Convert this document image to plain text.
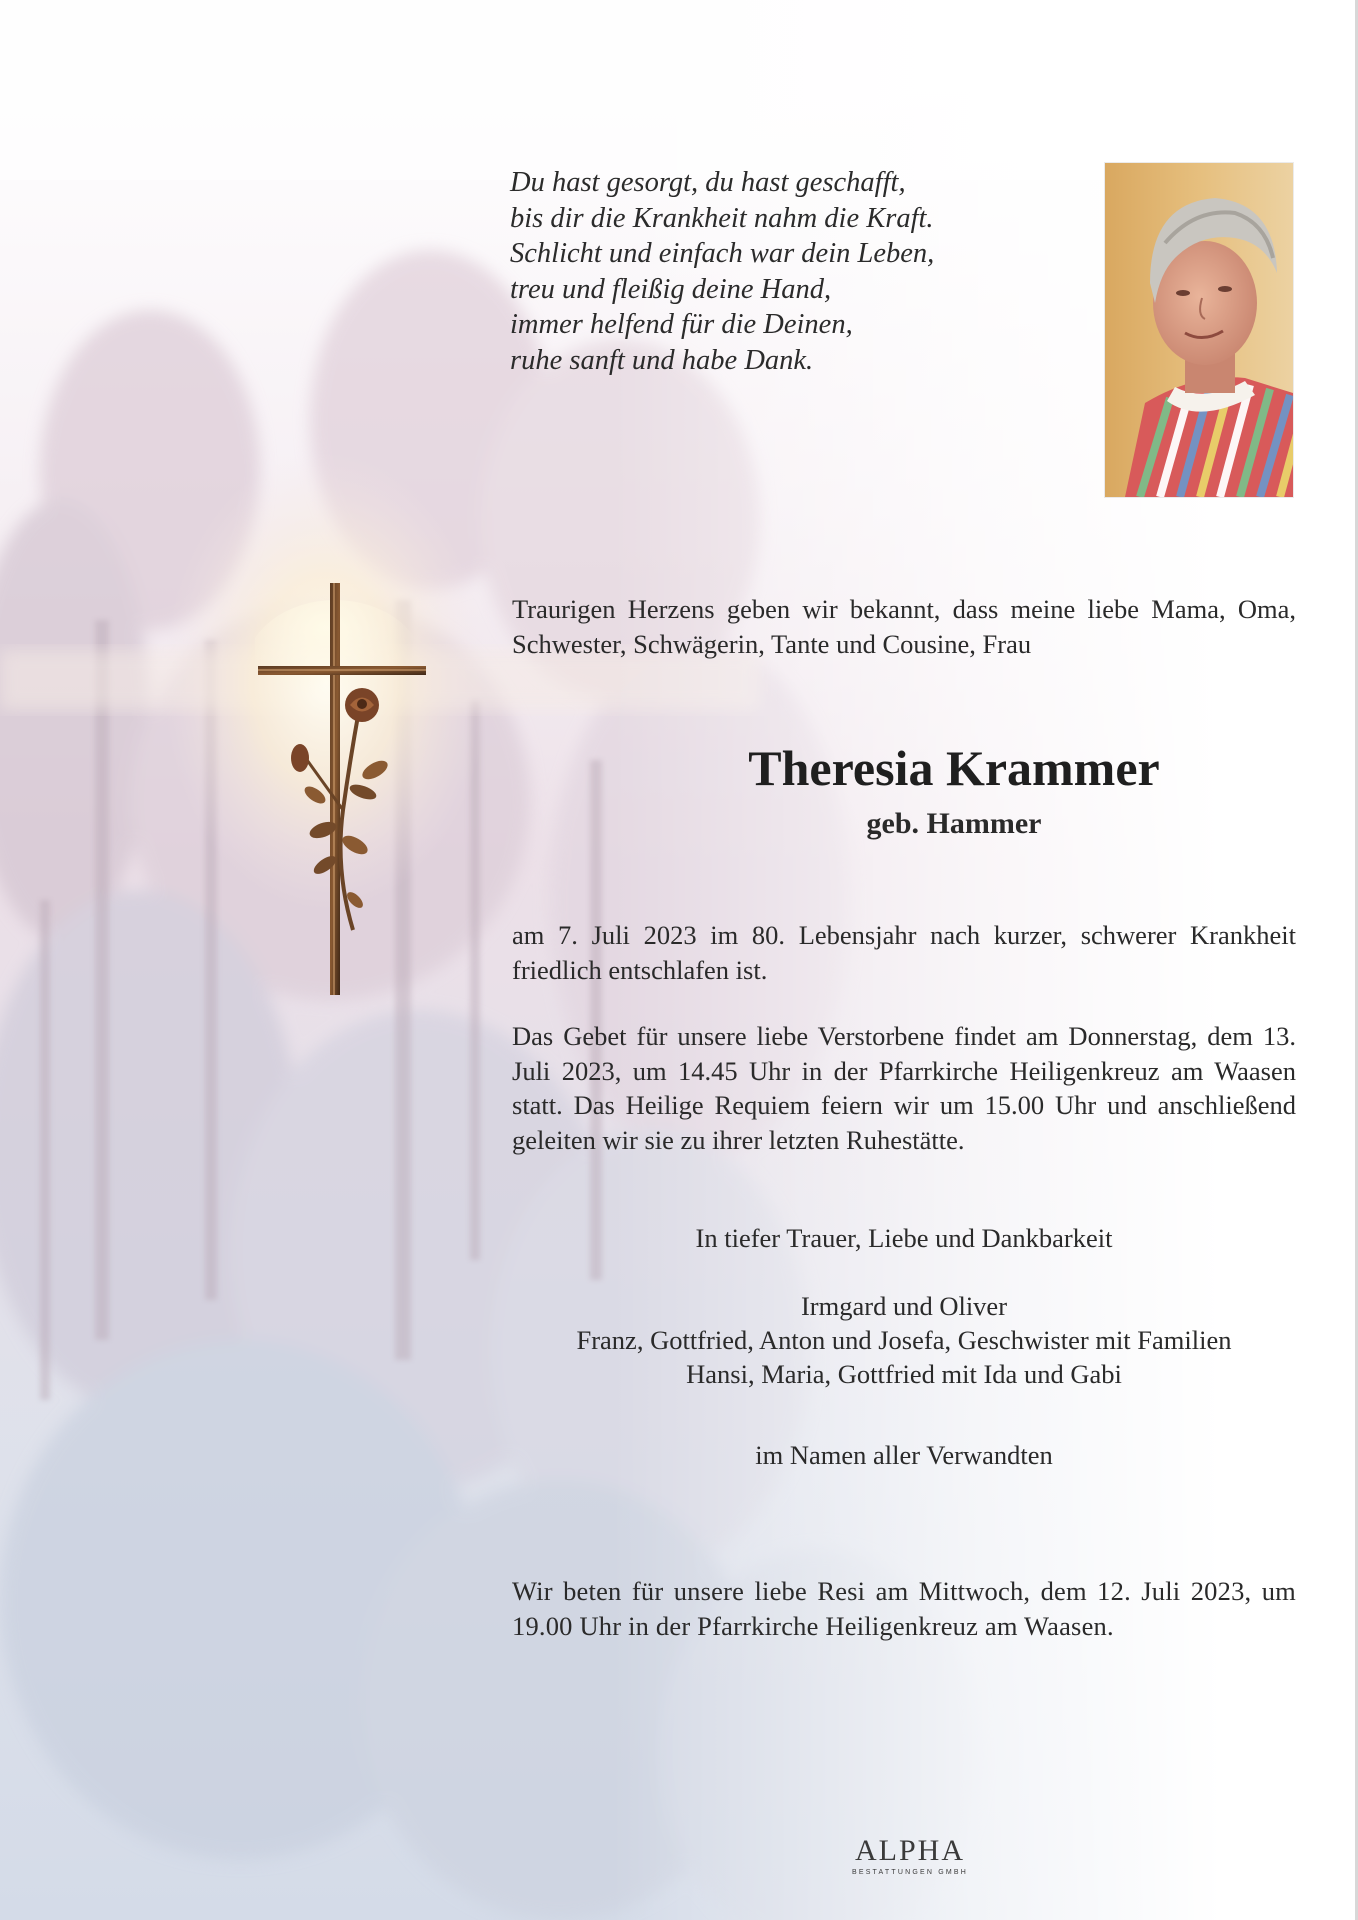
Du hast gesorgt, du hast geschafft,
bis dir die Krankheit nahm die Kraft.
Schlicht und einfach war dein Leben,
treu und fleißig deine Hand,
immer helfend für die Deinen,
ruhe sanft und habe Dank.
Traurigen Herzens geben wir bekannt, dass meine liebe Mama, Oma, Schwester, Schwägerin, Tante und Cousine, Frau
Theresia Krammer
geb. Hammer
am 7. Juli 2023 im 80. Lebensjahr nach kurzer, schwerer Krankheit friedlich entschlafen ist.
Das Gebet für unsere liebe Verstorbene findet am Donnerstag, dem 13. Juli 2023, um 14.45 Uhr in der Pfarrkirche Heiligenkreuz am Waasen statt. Das Heilige Requiem feiern wir um 15.00 Uhr und anschließend geleiten wir sie zu ihrer letzten Ruhestätte.
In tiefer Trauer, Liebe und Dankbarkeit
Irmgard und Oliver
Franz, Gottfried, Anton und Josefa, Geschwister mit Familien
Hansi, Maria, Gottfried mit Ida und Gabi
im Namen aller Verwandten
Wir beten für unsere liebe Resi am Mittwoch, dem 12. Juli 2023, um 19.00 Uhr in der Pfarrkirche Heiligenkreuz am Waasen.
ALPHA
BESTATTUNGEN GMBH
